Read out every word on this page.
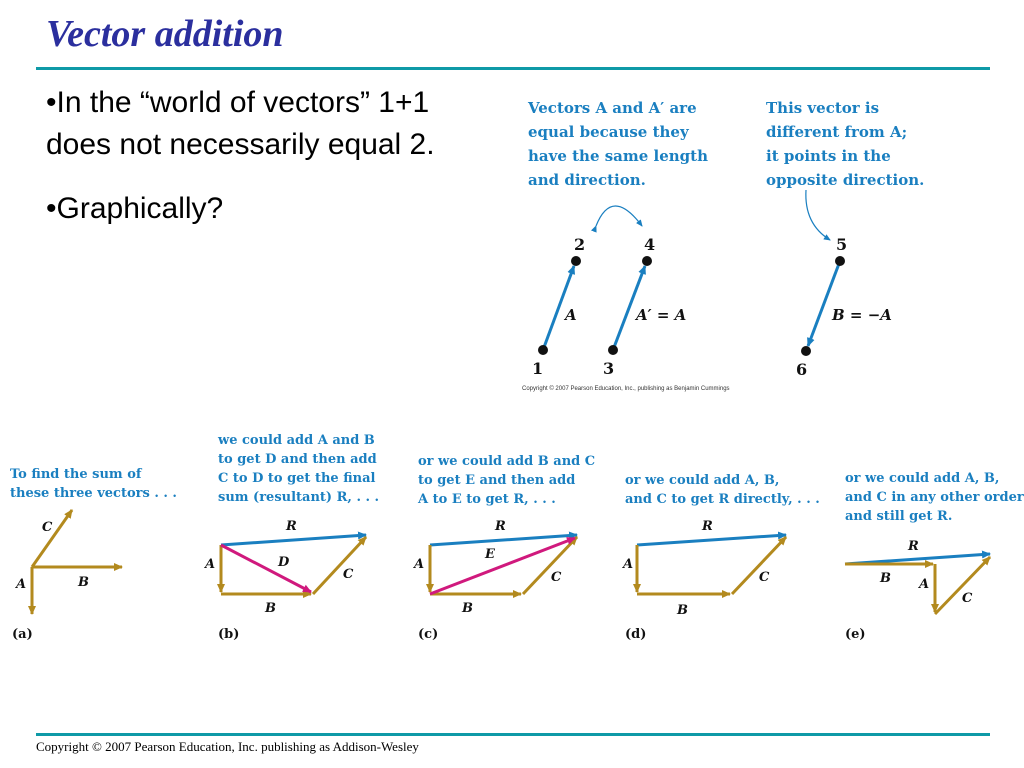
Vector addition
•In the “world of vectors” 1+1 does not necessarily equal 2.
•Graphically?
Vectors A and A′ are
equal because they
have the same length
and direction.
This vector is
different from A;
it points in the
opposite direction.
1
2
3
4	5
6
A	A′ = A	B = −A
Copyright © 2007 Pearson Education, Inc., publishing as Benjamin Cummings
To find the sum of
these three vectors . . .
C
A	B
(a)
we could add A and B
to get D and then add
C to D to get the final
sum (resultant) R, . . .
R
A	D
C
B
(b)
or we could add B and C
to get E and then add
A to E to get R, . . .
R
A
E
C
B
(c)
or we could add A, B,
and C to get R directly, . . .
R
A
C
B
(d)
or we could add A, B,
and C in any other order
and still get R.
R
B A
C
(e)
Copyright © 2007 Pearson Education, Inc. publishing as Addison-Wesley
